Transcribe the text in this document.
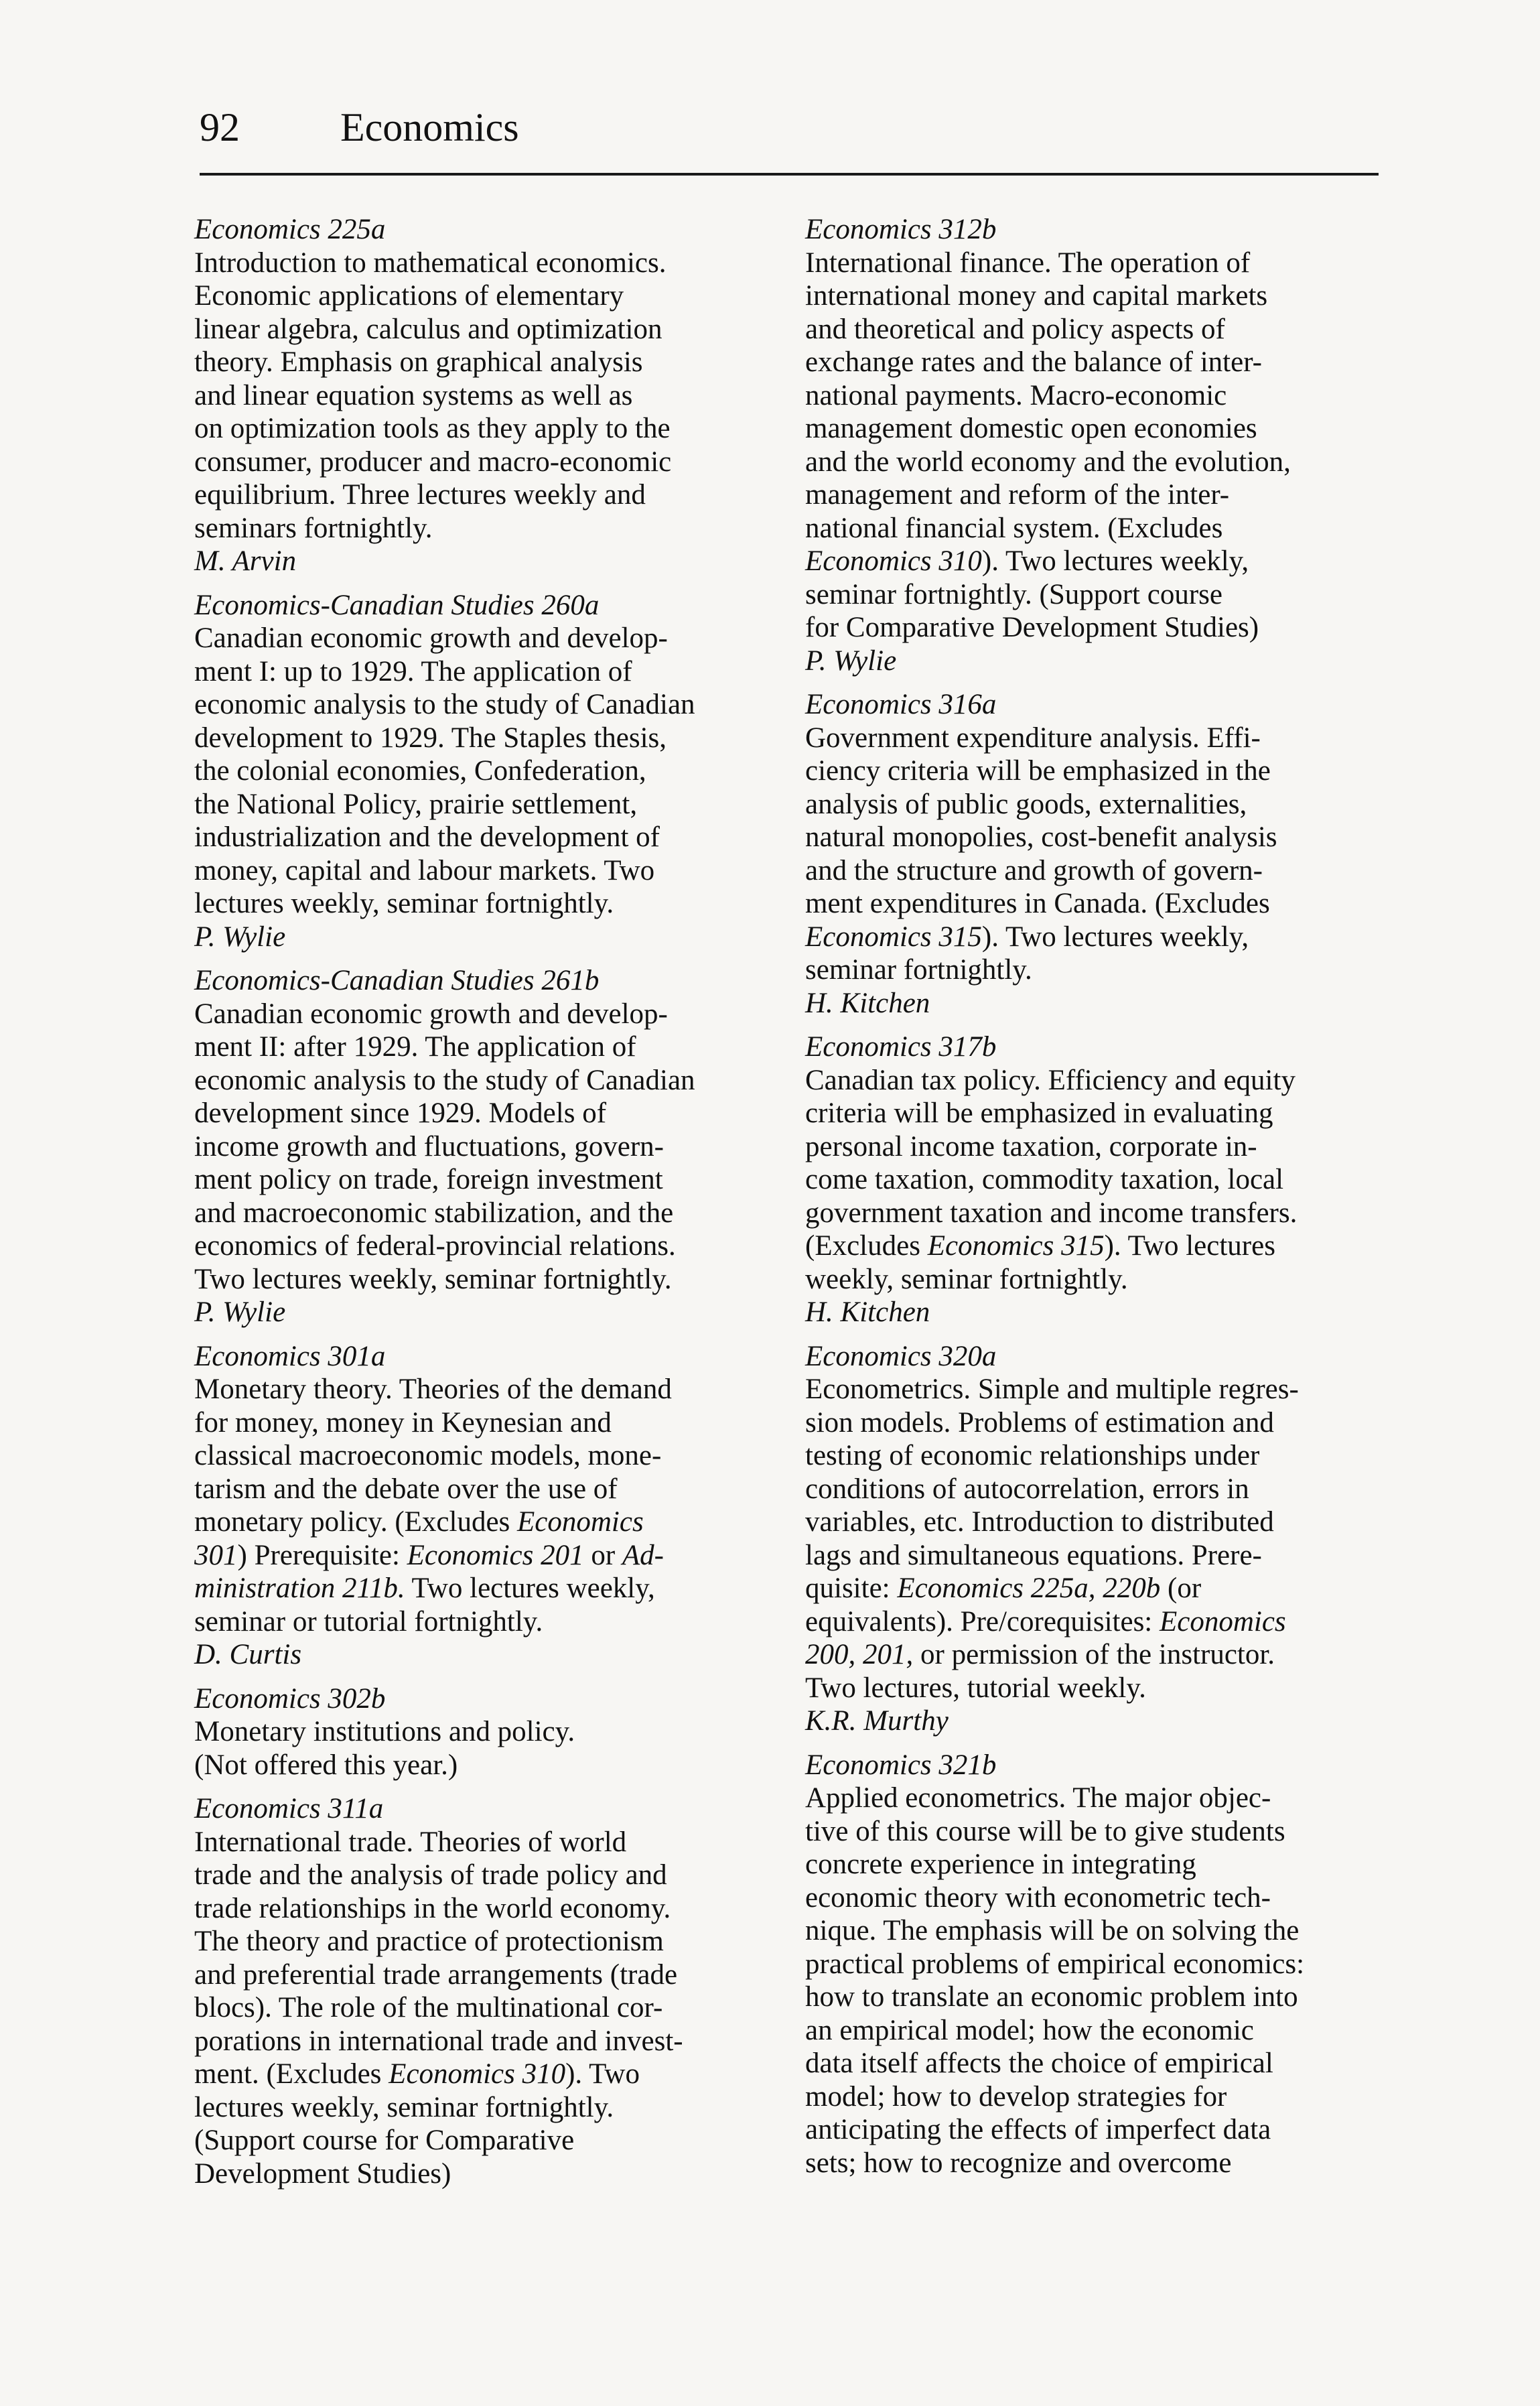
92	Economics

Economics 225a

Introduction to mathematical economics.
Economic applications of elementary
linear algebra, calculus and optimization
theory. Emphasis on graphical analysis
and linear equation systems as well as
on optimization tools as they apply to the
consumer, producer and macro-economic
equilibrium. Three lectures weekly and
seminars fortnightly.

M. Arvin

Economics-Canadian Studies 260a

Canadian economic growth and develop-
ment I: up to 1929. The application of
economic analysis to the study of Canadian
development to 1929. The Staples thesis,
the colonial economies, Confederation,
the National Policy, prairie settlement,
industrialization and the development of
money, capital and labour markets. Two
lectures weekly, seminar fortnightly.

P. Wylie

Economics-Canadian Studies 261b

Canadian economic growth and develop-
ment II: after 1929. The application of
economic analysis to the study of Canadian
development since 1929. Models of
income growth and fluctuations, govern-
ment policy on trade, foreign investment
and macroeconomic stabilization, and the
economics of federal-provincial relations.
Two lectures weekly, seminar fortnightly.

P. Wylie

Economics 301a

Monetary theory. Theories of the demand
for money, money in Keynesian and
classical macroeconomic models, mone-
tarism and the debate over the use of
monetary policy. (Excludes Economics
301) Prerequisite: Economics 201 or Ad-
ministration 211b. Two lectures weekly,
seminar or tutorial fortnightly.

D. Curtis

Economics 302b

Monetary institutions and policy.
(Not offered this year.)

Economics 311a

International trade. Theories of world
trade and the analysis of trade policy and
trade relationships in the world economy.
The theory and practice of protectionism
and preferential trade arrangements (trade
blocs). The role of the multinational cor-
porations in international trade and invest-
ment. (Excludes Economics 310). Two
lectures weekly, seminar fortnightly.
(Support course for Comparative
Development Studies)

Economics 312b

International finance. The operation of
international money and capital markets
and theoretical and policy aspects of
exchange rates and the balance of inter-
national payments. Macro-economic
management domestic open economies
and the world economy and the evolution,
management and reform of the inter-
national financial system. (Excludes
Economics 310). Two lectures weekly,
seminar fortnightly. (Support course
for Comparative Development Studies)

P. Wylie

Economics 316a

Government expenditure analysis. Effi-
ciency criteria will be emphasized in the
analysis of public goods, externalities,
natural monopolies, cost-benefit analysis
and the structure and growth of govern-
ment expenditures in Canada. (Excludes
Economics 315). Two lectures weekly,
seminar fortnightly.

H. Kitchen

Economics 317b

Canadian tax policy. Efficiency and equity
criteria will be emphasized in evaluating
personal income taxation, corporate in-
come taxation, commodity taxation, local
government taxation and income transfers.
(Excludes Economics 315). Two lectures
weekly, seminar fortnightly.

H. Kitchen

Economics 320a

Econometrics. Simple and multiple regres-
sion models. Problems of estimation and
testing of economic relationships under
conditions of autocorrelation, errors in
variables, etc. Introduction to distributed
lags and simultaneous equations. Prere-
quisite: Economics 225a, 220b (or
equivalents). Pre/corequisites: Economics
200, 201, or permission of the instructor.
Two lectures, tutorial weekly.

K.R. Murthy

Economics 321b

Applied econometrics. The major objec-
tive of this course will be to give students
concrete experience in integrating
economic theory with econometric tech-
nique. The emphasis will be on solving the
practical problems of empirical economics:
how to translate an economic problem into
an empirical model; how the economic
data itself affects the choice of empirical
model; how to develop strategies for
anticipating the effects of imperfect data
sets; how to recognize and overcome
